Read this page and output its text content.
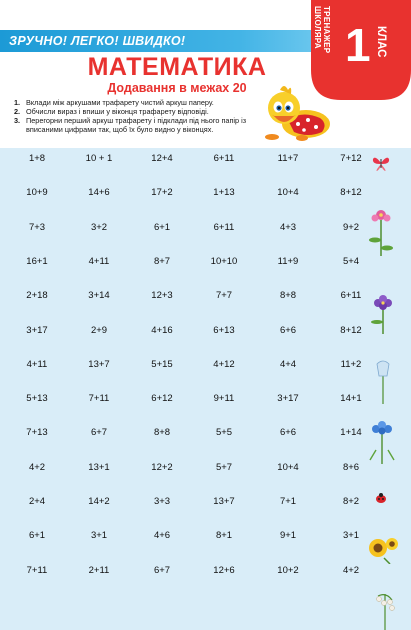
ЗРУЧНО! ЛЕГКО! ШВИДКО!
МАТЕМАТИКА
Додавання в межах 20
1. Вклади між аркушами трафарету чистий аркуш паперу.
2. Обчисли вираз і впиши у віконця трафарету відповіді.
3. Перегорни перший аркуш трафарету і підклади під нього папір із вписаними цифрами так, щоб їх було видно у віконцях.
ТРЕНАЖЕР ШКОЛЯРА 1 КЛАС
1+8	10 + 1	12+4	6+11	11+7	7+12
10+9	14+6	17+2	1+13	10+4	8+12
7+3	3+2	6+1	6+11	4+3	9+2
16+1	4+11	8+7	10+10	11+9	5+4
2+18	3+14	12+3	7+7	8+8	6+11
3+17	2+9	4+16	6+13	6+6	8+12
4+11	13+7	5+15	4+12	4+4	11+2
5+13	7+11	6+12	9+11	3+17	14+1
7+13	6+7	8+8	5+5	6+6	1+14
4+2	13+1	12+2	5+7	10+4	8+6
2+4	14+2	3+3	13+7	7+1	8+2
6+1	3+1	4+6	8+1	9+1	3+1
7+11	2+11	6+7	12+6	10+2	4+2
